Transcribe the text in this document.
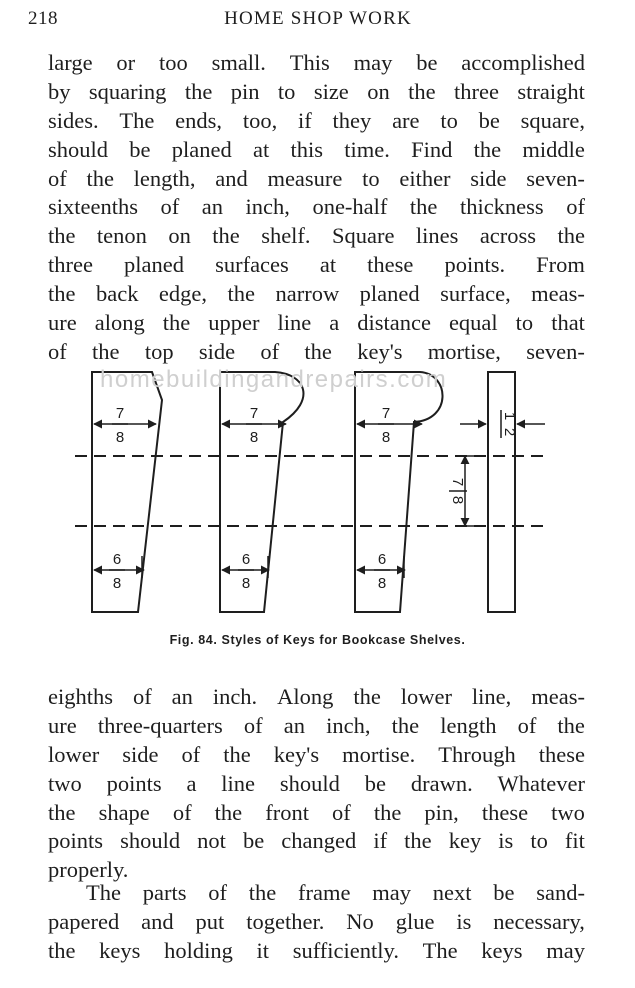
218	HOME SHOP WORK
large or too small. This may be accomplished
by squaring the pin to size on the three straight
sides. The ends, too, if they are to be square,
should be planed at this time. Find the middle
of the length, and measure to either side seven-
sixteenths of an inch, one-half the thickness of
the tenon on the shelf. Square lines across the
three planed surfaces at these points. From
the back edge, the narrow planed surface, meas-
ure along the upper line a distance equal to that
of the top side of the key's mortise, seven-
7
8
7
8
7
8
6
8
6
8
6
8
1
2
7
8
homebuildingandrepairs.com
Fig. 84. Styles of Keys for Bookcase Shelves.
eighths of an inch. Along the lower line, meas-
ure three-quarters of an inch, the length of the
lower side of the key's mortise. Through these
two points a line should be drawn. Whatever
the shape of the front of the pin, these two
points should not be changed if the key is to fit
properly.
The parts of the frame may next be sand-
papered and put together. No glue is necessary,
the keys holding it sufficiently. The keys may
